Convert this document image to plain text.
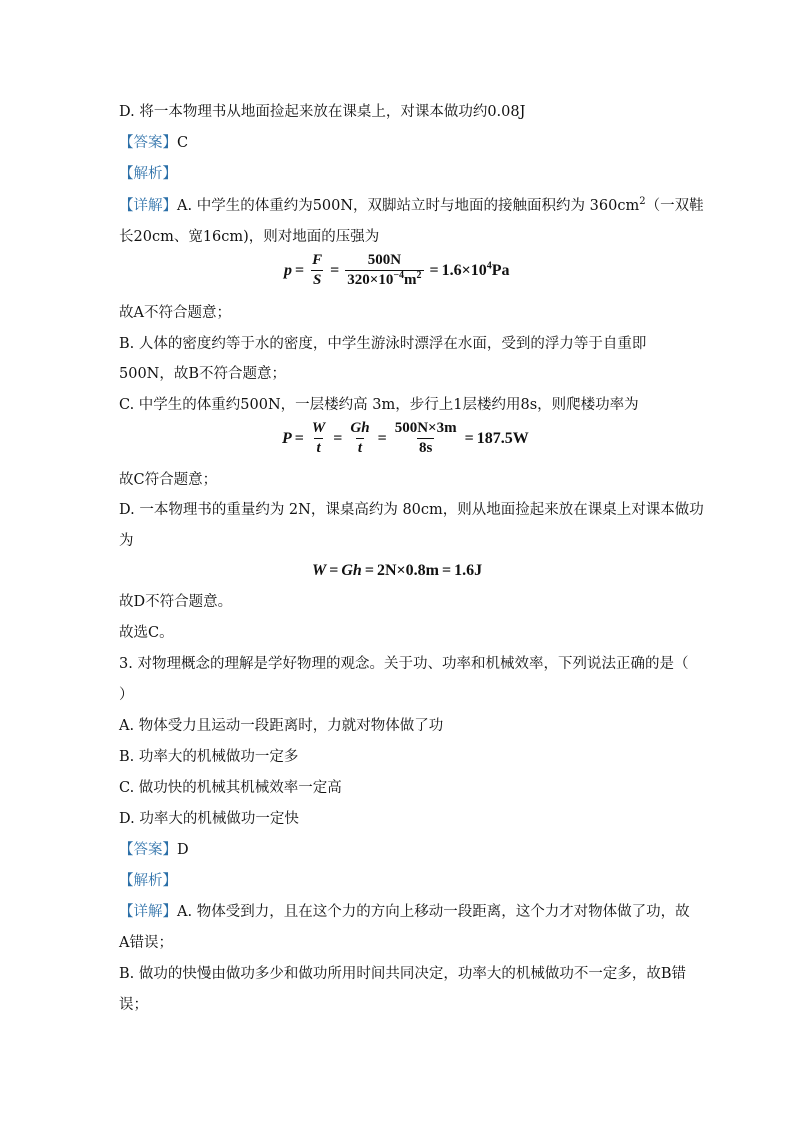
D. 将一本物理书从地面捡起来放在课桌上，对课本做功约0.08J
【答案】C
【解析】
【详解】A. 中学生的体重约为500N，双脚站立时与地面的接触面积约为 $360cm^2$（一双鞋
长20cm、宽16cm)，则对地面的压强为
$p = \frac{F}{S} = \frac{500N}{320\times 10^{-4}m^2} = 1.6\times 10^4Pa$
故A不符合题意；
B. 人体的密度约等于水的密度，中学生游泳时漂浮在水面，受到的浮力等于自重即
500N，故B不符合题意；
C. 中学生的体重约500N，一层楼约高 3m，步行上1层楼约用8s，则爬楼功率为
$P = \frac{W}{t} = \frac{Gh}{t} = \frac{500N\times 3m}{8s} = 187.5W$
故C符合题意；
D. 一本物理书的重量约为 2N，课桌高约为 80cm，则从地面捡起来放在课桌上对课本做功
为
W = Gh = 2N×0.8m = 1.6J
故D不符合题意。
故选C。
3. 对物理概念的理解是学好物理的观念。关于功、功率和机械效率，下列说法正确的是（
）
A. 物体受力且运动一段距离时，力就对物体做了功
B. 功率大的机械做功一定多
C. 做功快的机械其机械效率一定高
D. 功率大的机械做功一定快
【答案】D
【解析】
【详解】A. 物体受到力，且在这个力的方向上移动一段距离，这个力才对物体做了功，故
A错误；
B. 做功的快慢由做功多少和做功所用时间共同决定，功率大的机械做功不一定多，故B错
误；
